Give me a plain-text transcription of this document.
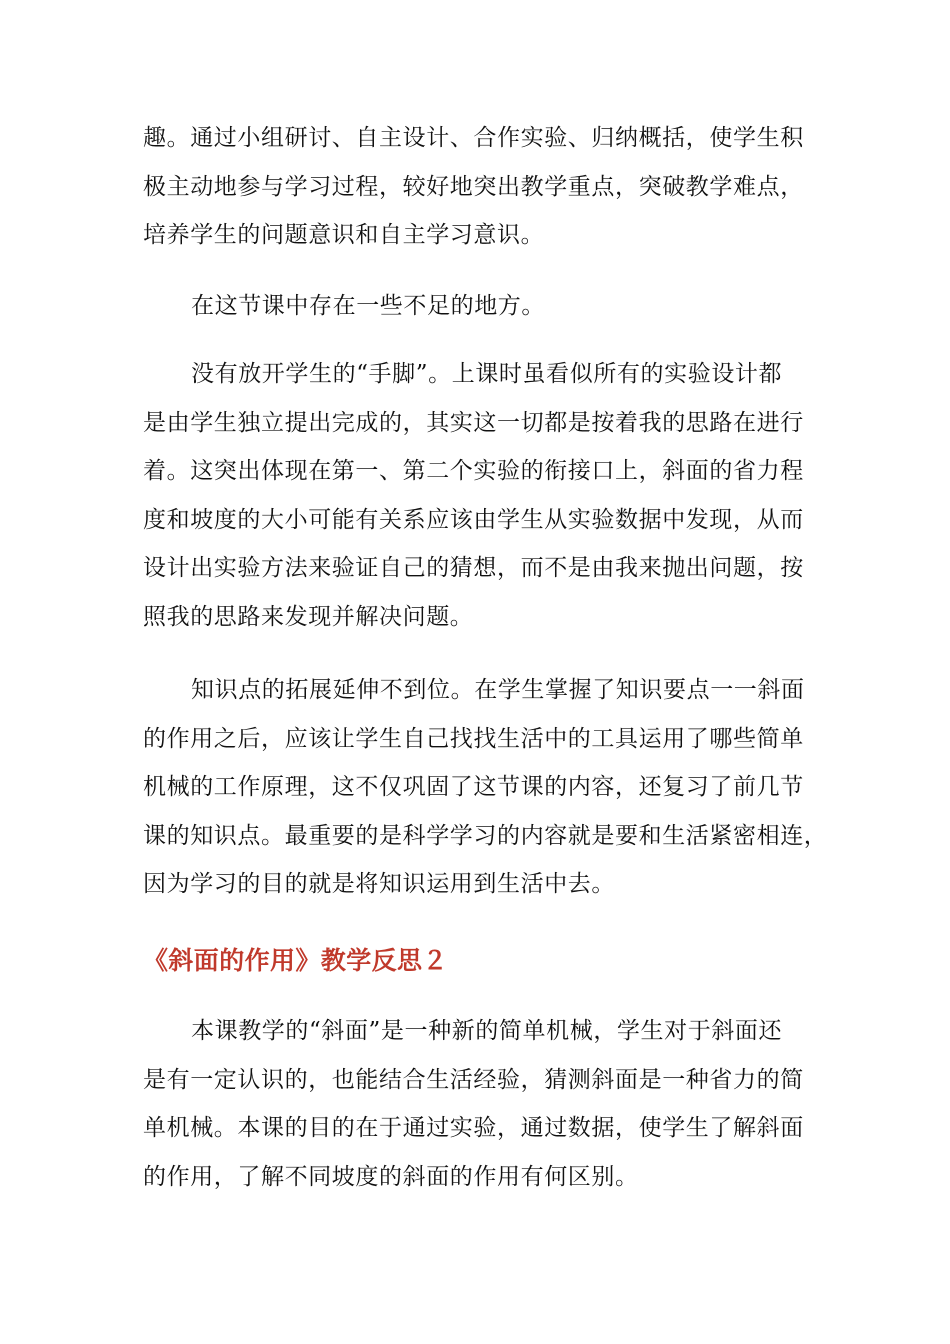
趣。通过小组研讨、自主设计、合作实验、归纳概括，使学生积
极主动地参与学习过程，较好地突出教学重点，突破教学难点，
培养学生的问题意识和自主学习意识。
在这节课中存在一些不足的地方。
没有放开学生的“手脚”。上课时虽看似所有的实验设计都
是由学生独立提出完成的，其实这一切都是按着我的思路在进行
着。这突出体现在第一、第二个实验的衔接口上，斜面的省力程
度和坡度的大小可能有关系应该由学生从实验数据中发现，从而
设计出实验方法来验证自己的猜想，而不是由我来抛出问题，按
照我的思路来发现并解决问题。
知识点的拓展延伸不到位。在学生掌握了知识要点一一斜面
的作用之后，应该让学生自己找找生活中的工具运用了哪些简单
机械的工作原理，这不仅巩固了这节课的内容，还复习了前几节
课的知识点。最重要的是科学学习的内容就是要和生活紧密相连，
因为学习的目的就是将知识运用到生活中去。
《斜面的作用》教学反思２
本课教学的“斜面”是一种新的简单机械，学生对于斜面还
是有一定认识的，也能结合生活经验，猜测斜面是一种省力的简
单机械。本课的目的在于通过实验，通过数据，使学生了解斜面
的作用，了解不同坡度的斜面的作用有何区别。
